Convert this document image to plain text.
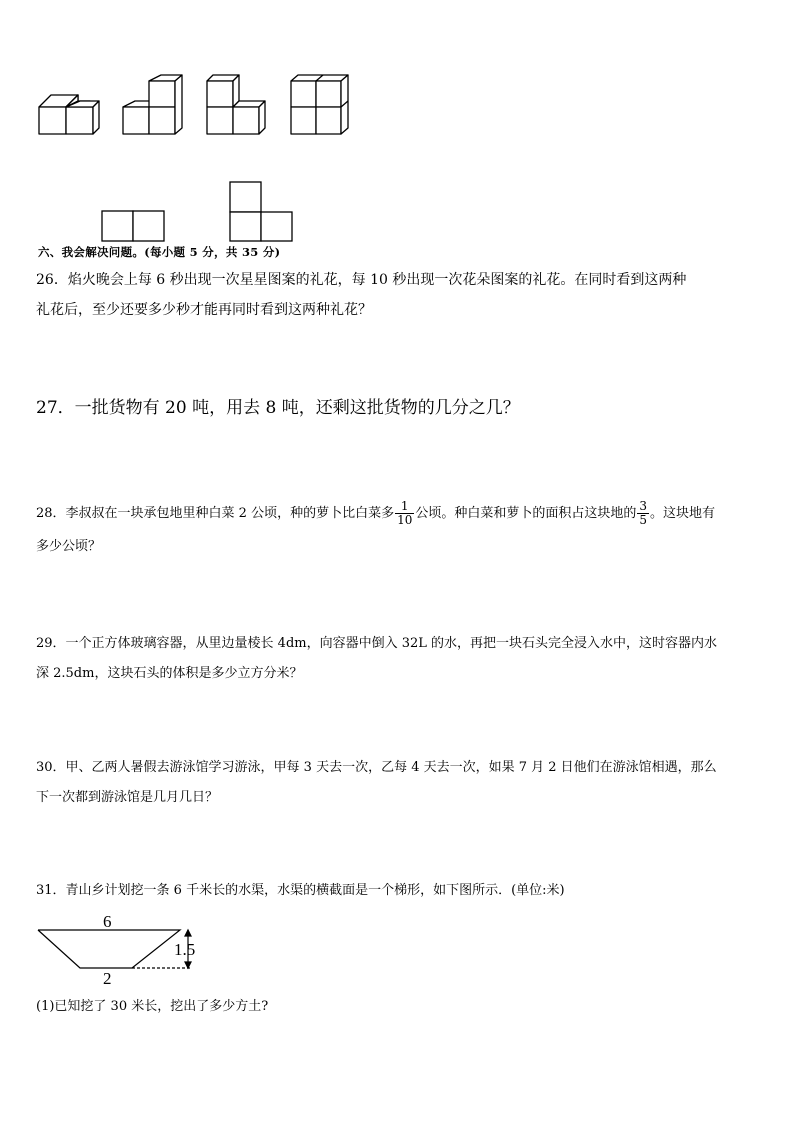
六、我会解决问题。(每小题 5 分，共 35 分)
26．焰火晚会上每 6 秒出现一次星星图案的礼花，每 10 秒出现一次花朵图案的礼花。在同时看到这两种
礼花后，至少还要多少秒才能再同时看到这两种礼花？
27．一批货物有 20 吨，用去 8 吨，还剩这批货物的几分之几？
28．李叔叔在一块承包地里种白菜 2 公顷，种的萝卜比白菜多 $\frac{1}{10}$ 公顷。种白菜和萝卜的面积占这块地的 $\frac{3}{5}$ 。这块地有
多少公顷？
29．一个正方体玻璃容器，从里边量棱长 4dm，向容器中倒入 32L 的水，再把一块石头完全浸入水中，这时容器内水
深 2.5dm，这块石头的体积是多少立方分米？
30．甲、乙两人暑假去游泳馆学习游泳，甲每 3 天去一次，乙每 4 天去一次，如果 7 月 2 日他们在游泳馆相遇，那么
下一次都到游泳馆是几月几日？
31．青山乡计划挖一条 6 千米长的水渠，水渠的横截面是一个梯形，如下图所示．(单位:米)
6
2
1.5
(1)已知挖了 30 米长，挖出了多少方土?
